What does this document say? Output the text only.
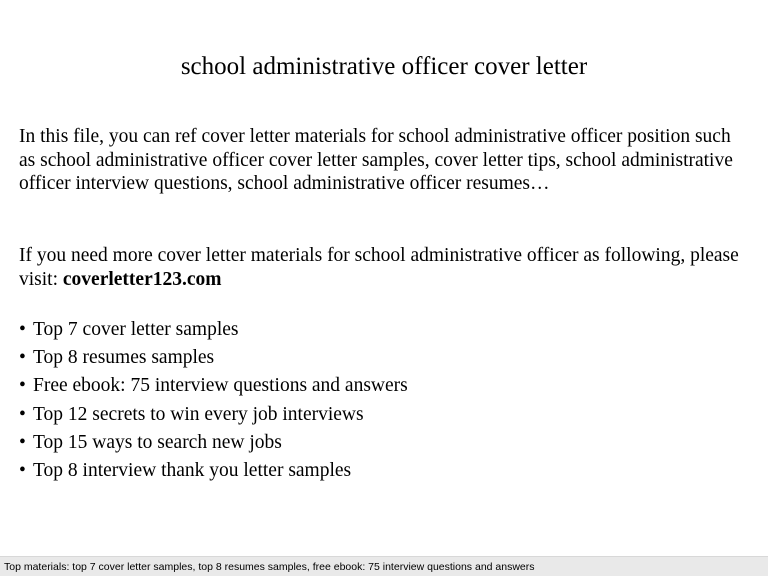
school administrative officer cover letter

In this file, you can ref cover letter materials for school administrative officer position such as school administrative officer cover letter samples, cover letter tips, school administrative officer interview questions, school administrative officer resumes…

If you need more cover letter materials for school administrative officer as following, please visit: coverletter123.com

• Top 7 cover letter samples
• Top 8 resumes samples
• Free ebook: 75 interview questions and answers
• Top 12 secrets to win every job interviews
• Top 15 ways to search new jobs
• Top 8 interview thank you letter samples
Top materials: top 7 cover letter samples, top 8 resumes samples, free ebook: 75 interview questions and answers
